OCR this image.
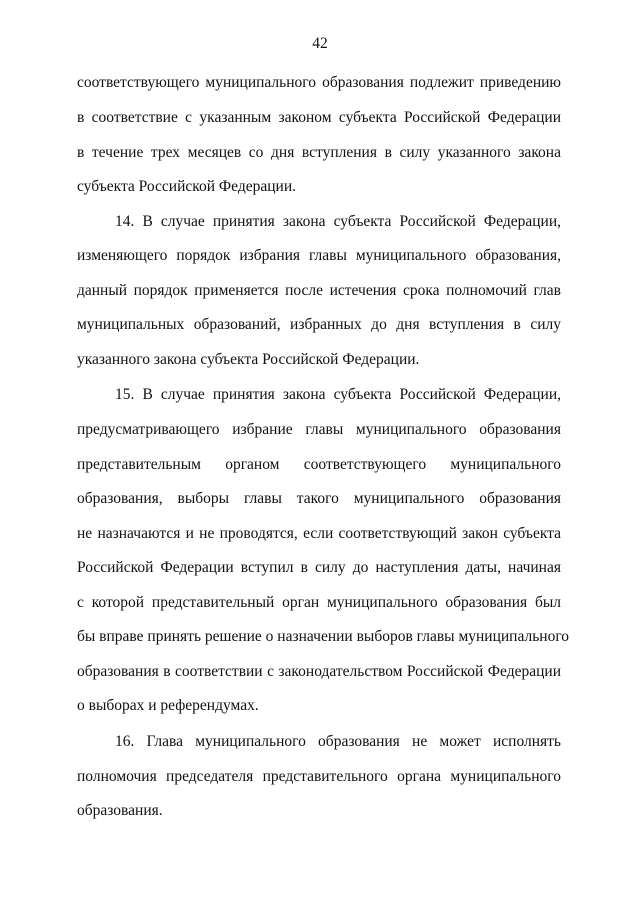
42
соответствующего муниципального образования подлежит приведению
в соответствие с указанным законом субъекта Российской Федерации
в течение трех месяцев со дня вступления в силу указанного закона
субъекта Российской Федерации.
14. В случае принятия закона субъекта Российской Федерации,
изменяющего порядок избрания главы муниципального образования,
данный порядок применяется после истечения срока полномочий глав
муниципальных образований, избранных до дня вступления в силу
указанного закона субъекта Российской Федерации.
15. В случае принятия закона субъекта Российской Федерации,
предусматривающего избрание главы муниципального образования
представительным органом соответствующего муниципального
образования, выборы главы такого муниципального образования
не назначаются и не проводятся, если соответствующий закон субъекта
Российской Федерации вступил в силу до наступления даты, начиная
с которой представительный орган муниципального образования был
бы вправе принять решение о назначении выборов главы муниципального
образования в соответствии с законодательством Российской Федерации
о выборах и референдумах.
16. Глава муниципального образования не может исполнять
полномочия председателя представительного органа муниципального
образования.
